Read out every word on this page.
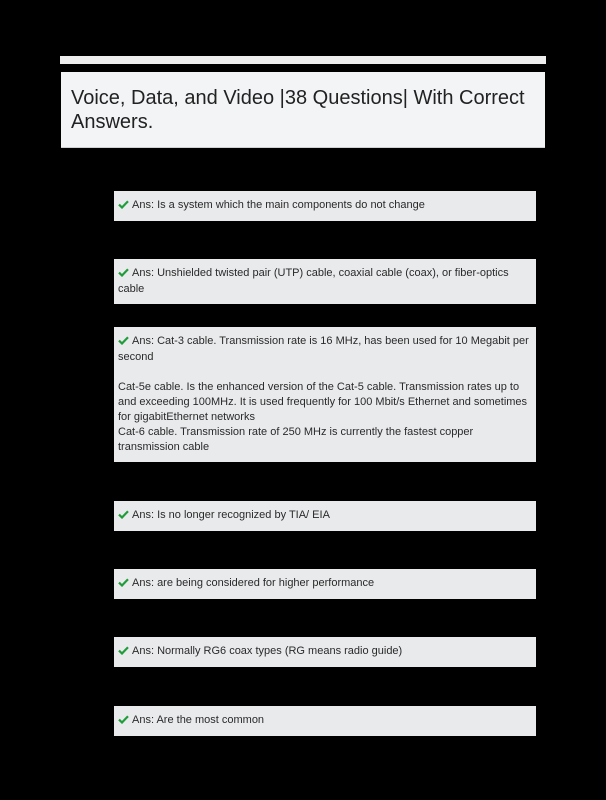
Voice, Data, and Video |38 Questions| With Correct Answers.

Ans: Is a system which the main components do not change

Ans: Unshielded twisted pair (UTP) cable, coaxial cable (coax), or fiber-optics cable

Ans: Cat-3 cable. Transmission rate is 16 MHz, has been used for 10 Megabit per second

Cat-5e cable. Is the enhanced version of the Cat-5 cable. Transmission rates up to and exceeding 100MHz. It is used frequently for 100 Mbit/s Ethernet and sometimes for gigabitEthernet networks

Cat-6 cable. Transmission rate of 250 MHz is currently the fastest copper transmission cable

Ans: Is no longer recognized by TIA/ EIA

Ans: are being considered for higher performance

Ans: Normally RG6 coax types (RG means radio guide)

Ans: Are the most common
